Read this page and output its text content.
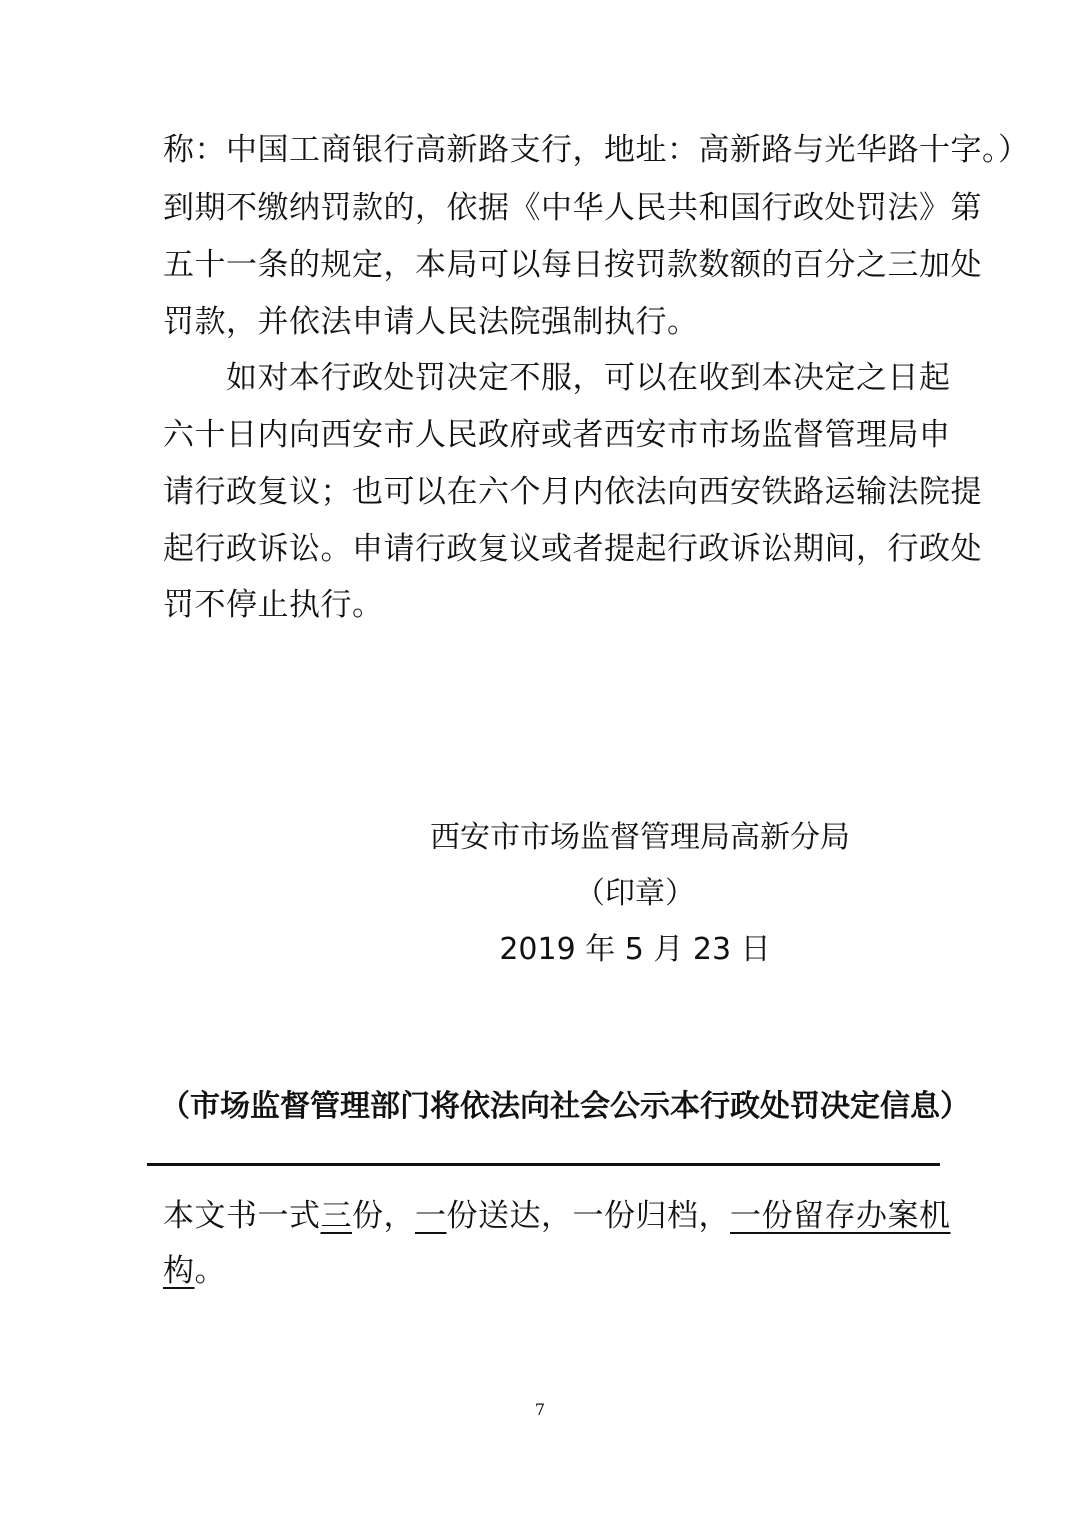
称：中国工商银行高新路支行，地址：高新路与光华路十字。）
到期不缴纳罚款的，依据《中华人民共和国行政处罚法》第
五十一条的规定，本局可以每日按罚款数额的百分之三加处
罚款，并依法申请人民法院强制执行。
　　如对本行政处罚决定不服，可以在收到本决定之日起
六十日内向西安市人民政府或者西安市市场监督管理局申
请行政复议；也可以在六个月内依法向西安铁路运输法院提
起行政诉讼。申请行政复议或者提起行政诉讼期间，行政处
罚不停止执行。
西安市市场监督管理局高新分局
（印章）
2019 年 5 月 23 日
（市场监督管理部门将依法向社会公示本行政处罚决定信息）
本文书一式三份，一份送达，一份归档，一份留存办案机
构。
7
